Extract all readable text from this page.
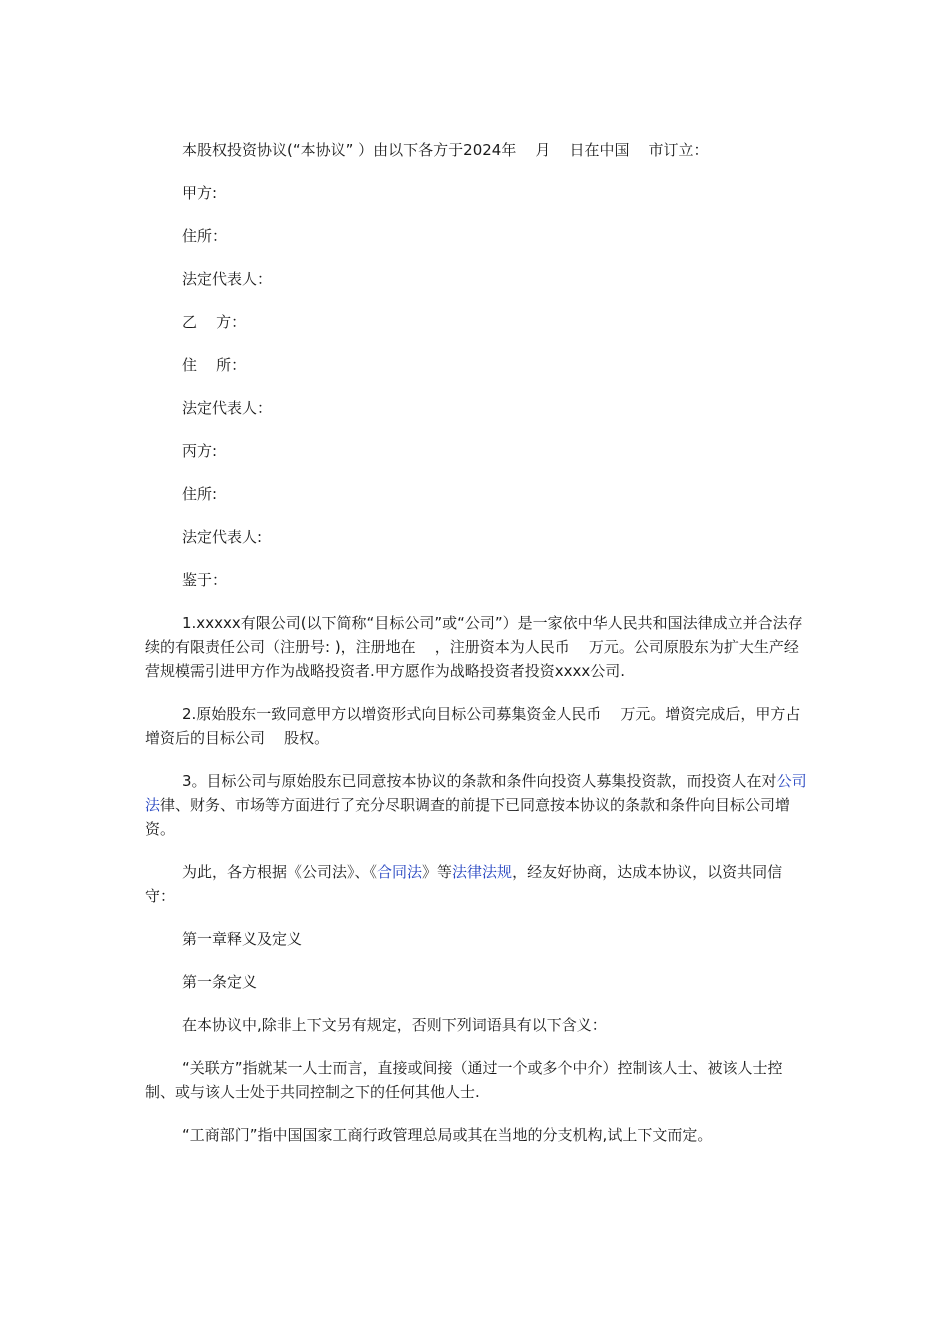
本股权投资协议(“本协议” ）由以下各方于2024年    月    日在中国    市订立：

甲方:

住所：

法定代表人：

乙    方：

住    所：

法定代表人：

丙方:

住所:

法定代表人:

鉴于：

1.xxxxx有限公司(以下简称“目标公司”或“公司”）是一家依中华人民共和国法律成立并合法存续的有限责任公司（注册号: )，注册地在    ，注册资本为人民币    万元。公司原股东为扩大生产经营规模需引进甲方作为战略投资者.甲方愿作为战略投资者投资xxxx公司.

2.原始股东一致同意甲方以增资形式向目标公司募集资金人民币    万元。增资完成后，甲方占增资后的目标公司    股权。

3。目标公司与原始股东已同意按本协议的条款和条件向投资人募集投资款，而投资人在对公司法律、财务、市场等方面进行了充分尽职调查的前提下已同意按本协议的条款和条件向目标公司增资。

为此，各方根据《公司法》、《合同法》等法律法规，经友好协商，达成本协议，以资共同信守：

第一章释义及定义

第一条定义

在本协议中,除非上下文另有规定，否则下列词语具有以下含义：

“关联方”指就某一人士而言，直接或间接（通过一个或多个中介）控制该人士、被该人士控制、或与该人士处于共同控制之下的任何其他人士.

“工商部门”指中国国家工商行政管理总局或其在当地的分支机构,试上下文而定。
